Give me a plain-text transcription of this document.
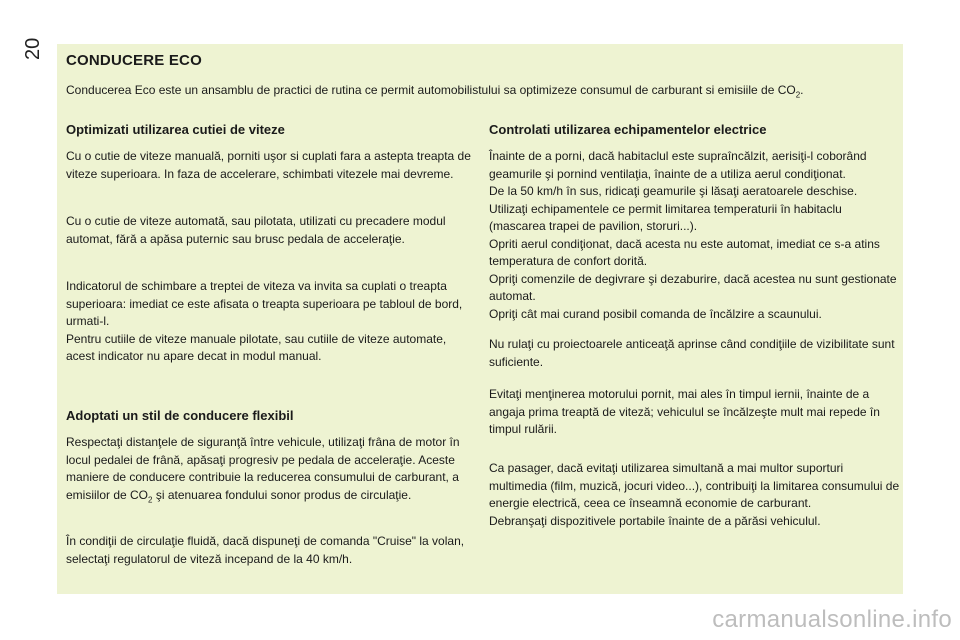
20
CONDUCERE ECO
Conducerea Eco este un ansamblu de practici de rutina ce permit automobilistului sa optimizeze consumul de carburant si emisiile de $CO_2$.
Optimizati utilizarea cutiei de viteze

Cu o cutie de viteze manuală, porniti uşor si cuplati fara a astepta treapta de viteze superioara. In faza de accelerare, schimbati vitezele mai devreme.

Cu o cutie de viteze automată, sau pilotata, utilizati cu precadere modul automat, fără a apăsa puternic sau brusc pedala de acceleraţie.

Indicatorul de schimbare a treptei de viteza va invita sa cuplati o treapta superioara: imediat ce este afisata o treapta superioara pe tabloul de bord, urmati-l.
Pentru cutiile de viteze manuale pilotate, sau cutiile de viteze automate, acest indicator nu apare decat in modul manual.
Adoptati un stil de conducere flexibil

Respectaţi distanţele de siguranţă între vehicule, utilizaţi frâna de motor în locul pedalei de frână, apăsaţi progresiv pe pedala de acceleraţie. Aceste maniere de conducere contribuie la reducerea consumului de carburant, a emisiilor de $CO_2$ şi atenuarea fondului sonor produs de circulaţie.

În condiţii de circulaţie fluidă, dacă dispuneţi de comanda "Cruise" la volan, selectaţi regulatorul de viteză incepand de la 40 km/h.

Controlati utilizarea echipamentelor electrice
Înainte de a porni, dacă habitaclul este supraîncălzit, aerisiţi-l coborând geamurile şi pornind ventilaţia, înainte de a utiliza aerul condiţionat.
De la 50 km/h în sus, ridicaţi geamurile şi lăsaţi aeratoarele deschise.
Utilizaţi echipamentele ce permit limitarea temperaturii în habitaclu (mascarea trapei de pavilion, storuri...).
Opriti aerul condiţionat, dacă acesta nu este automat, imediat ce s-a atins temperatura de confort dorită.
Opriţi comenzile de degivrare şi dezaburire, dacă acestea nu sunt gestionate automat.
Opriţi cât mai curand posibil comanda de încălzire a scaunului.

Nu rulaţi cu proiectoarele anticeaţă aprinse când condiţiile de vizibilitate sunt suficiente.

Evitaţi menţinerea motorului pornit, mai ales în timpul iernii, înainte de a angaja prima treaptă de viteză; vehiculul se încălzeşte mult mai repede în timpul rulării.

Ca pasager, dacă evitaţi utilizarea simultană a mai multor suporturi multimedia (film, muzică, jocuri video...), contribuiţi la limitarea consumului de energie electrică, ceea ce înseamnă economie de carburant.
Debranşaţi dispozitivele portabile înainte de a părăsi vehiculul.
carmanualsonline.info
